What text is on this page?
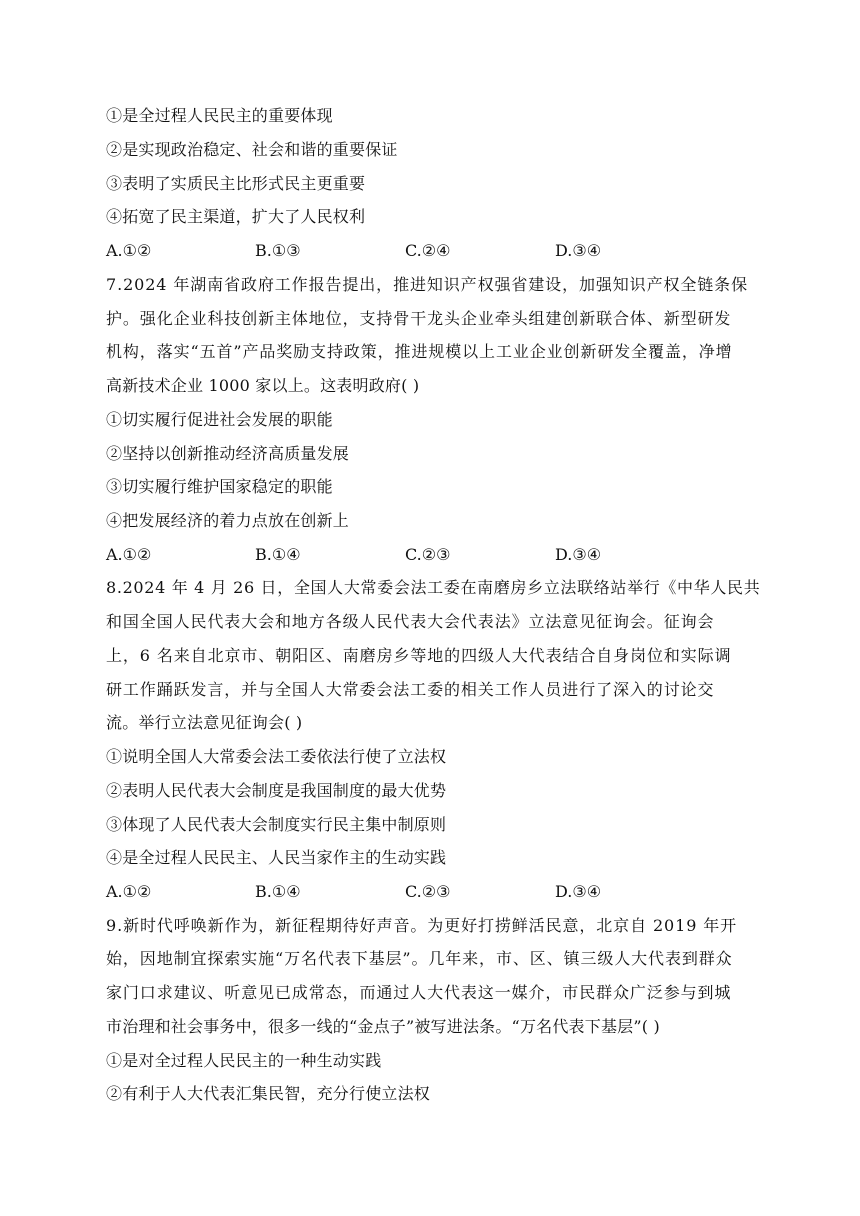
①是全过程人民民主的重要体现
②是实现政治稳定、社会和谐的重要保证
③表明了实质民主比形式民主更重要
④拓宽了民主渠道，扩大了人民权利
A.①②	B.①③	C.②④	D.③④
7.2024 年湖南省政府工作报告提出，推进知识产权强省建设，加强知识产权全链条保
护。强化企业科技创新主体地位，支持骨干龙头企业牵头组建创新联合体、新型研发
机构，落实“五首”产品奖励支持政策，推进规模以上工业企业创新研发全覆盖，净增
高新技术企业 1000 家以上。这表明政府( )
①切实履行促进社会发展的职能
②坚持以创新推动经济高质量发展
③切实履行维护国家稳定的职能
④把发展经济的着力点放在创新上
A.①②	B.①④	C.②③	D.③④
8.2024 年 4 月 26 日，全国人大常委会法工委在南磨房乡立法联络站举行《中华人民共
和国全国人民代表大会和地方各级人民代表大会代表法》立法意见征询会。征询会
上，6 名来自北京市、朝阳区、南磨房乡等地的四级人大代表结合自身岗位和实际调
研工作踊跃发言，并与全国人大常委会法工委的相关工作人员进行了深入的讨论交
流。举行立法意见征询会( )
①说明全国人大常委会法工委依法行使了立法权
②表明人民代表大会制度是我国制度的最大优势
③体现了人民代表大会制度实行民主集中制原则
④是全过程人民民主、人民当家作主的生动实践
A.①②	B.①④	C.②③	D.③④
9.新时代呼唤新作为，新征程期待好声音。为更好打捞鲜活民意，北京自 2019 年开
始，因地制宜探索实施“万名代表下基层”。几年来，市、区、镇三级人大代表到群众
家门口求建议、听意见已成常态，而通过人大代表这一媒介，市民群众广泛参与到城
市治理和社会事务中，很多一线的“金点子”被写进法条。“万名代表下基层”( )
①是对全过程人民民主的一种生动实践
②有利于人大代表汇集民智，充分行使立法权
